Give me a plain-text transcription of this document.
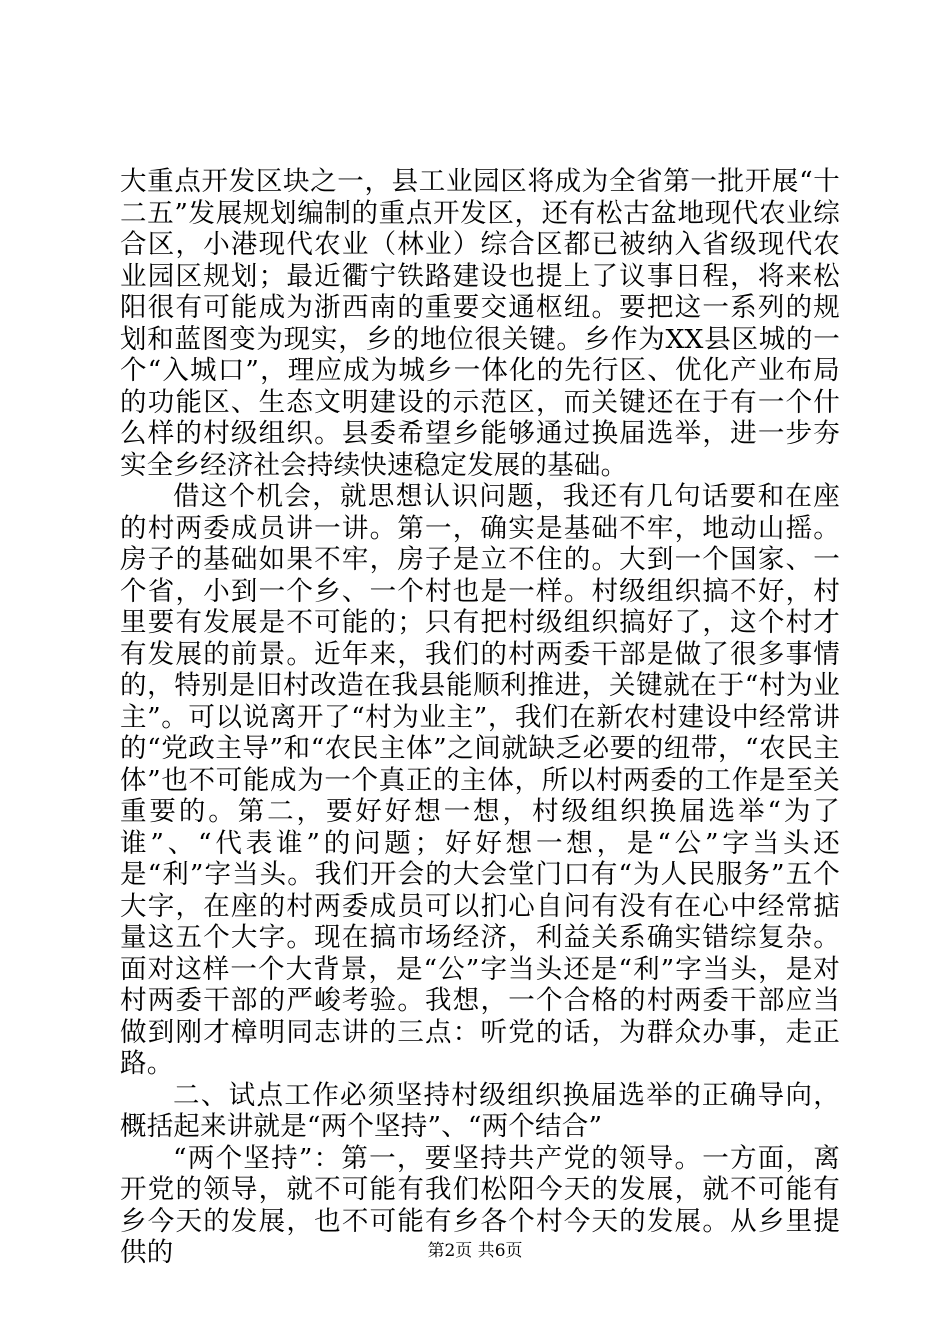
大重点开发区块之一，县工业园区将成为全省第一批开展“十二五”发展规划编制的重点开发区，还有松古盆地现代农业综合区，小港现代农业（林业）综合区都已被纳入省级现代农业园区规划；最近衢宁铁路建设也提上了议事日程，将来松阳很有可能成为浙西南的重要交通枢纽。要把这一系列的规划和蓝图变为现实，乡的地位很关键。乡作为XX县区城的一个“入城口”，理应成为城乡一体化的先行区、优化产业布局的功能区、生态文明建设的示范区，而关键还在于有一个什么样的村级组织。县委希望乡能够通过换届选举，进一步夯实全乡经济社会持续快速稳定发展的基础。

借这个机会，就思想认识问题，我还有几句话要和在座的村两委成员讲一讲。第一，确实是基础不牢，地动山摇。房子的基础如果不牢，房子是立不住的。大到一个国家、一个省，小到一个乡、一个村也是一样。村级组织搞不好，村里要有发展是不可能的；只有把村级组织搞好了，这个村才有发展的前景。近年来，我们的村两委干部是做了很多事情的，特别是旧村改造在我县能顺利推进，关键就在于“村为业主”。可以说离开了“村为业主”，我们在新农村建设中经常讲的“党政主导”和“农民主体”之间就缺乏必要的纽带，“农民主体”也不可能成为一个真正的主体，所以村两委的工作是至关重要的。第二，要好好想一想，村级组织换届选举“为了谁”、“代表谁”的问题；好好想一想，是“公”字当头还是“利”字当头。我们开会的大会堂门口有“为人民服务”五个大字，在座的村两委成员可以扪心自问有没有在心中经常掂量这五个大字。现在搞市场经济，利益关系确实错综复杂。面对这样一个大背景，是“公”字当头还是“利”字当头，是对村两委干部的严峻考验。我想，一个合格的村两委干部应当做到刚才樟明同志讲的三点：听党的话，为群众办事，走正路。

二、试点工作必须坚持村级组织换届选举的正确导向，概括起来讲就是“两个坚持”、“两个结合”

“两个坚持”：第一，要坚持共产党的领导。一方面，离开党的领导，就不可能有我们松阳今天的发展，就不可能有乡今天的发展，也不可能有乡各个村今天的发展。从乡里提供的	第2页 共6页
